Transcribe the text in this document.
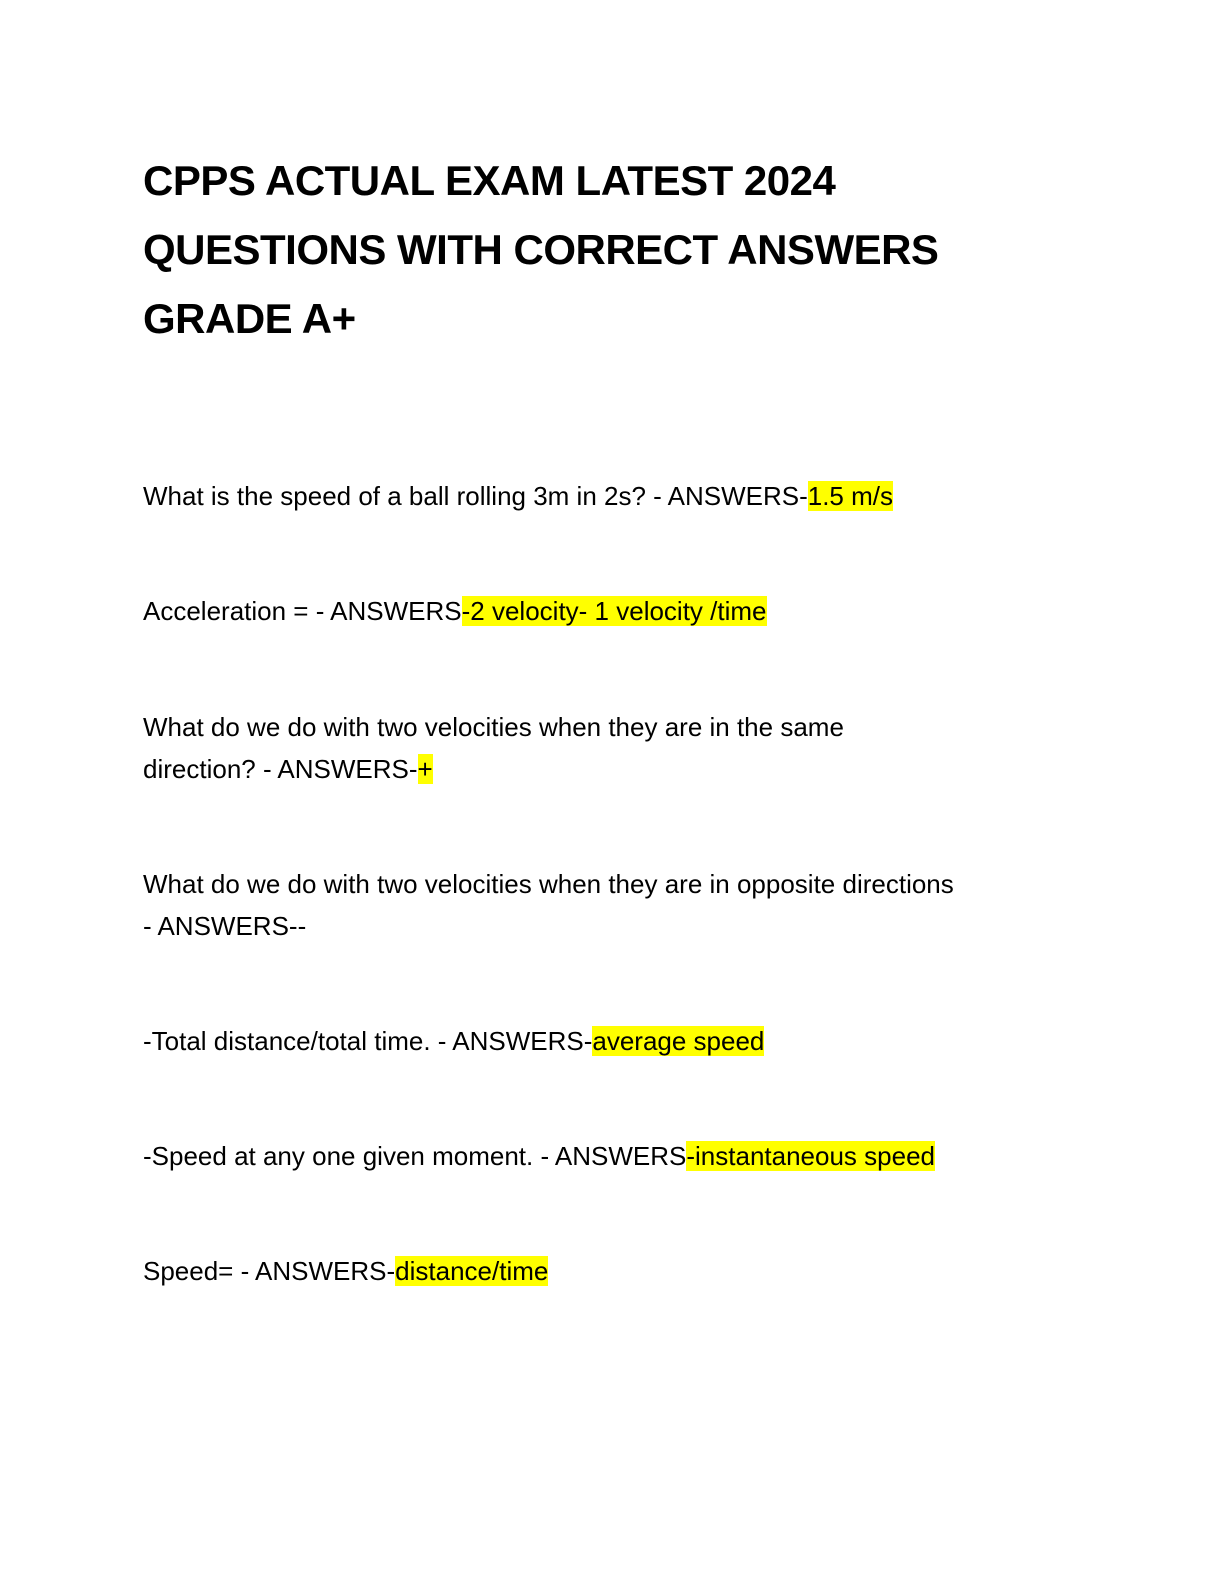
CPPS ACTUAL EXAM LATEST 2024
QUESTIONS WITH CORRECT ANSWERS
GRADE A+

What is the speed of a ball rolling 3m in 2s? - ANSWERS-1.5 m/s

Acceleration = - ANSWERS-2 velocity- 1 velocity /time

What do we do with two velocities when they are in the same
direction? - ANSWERS-+

What do we do with two velocities when they are in opposite directions
- ANSWERS--

-Total distance/total time. - ANSWERS-average speed

-Speed at any one given moment. - ANSWERS-instantaneous speed

Speed= - ANSWERS-distance/time
